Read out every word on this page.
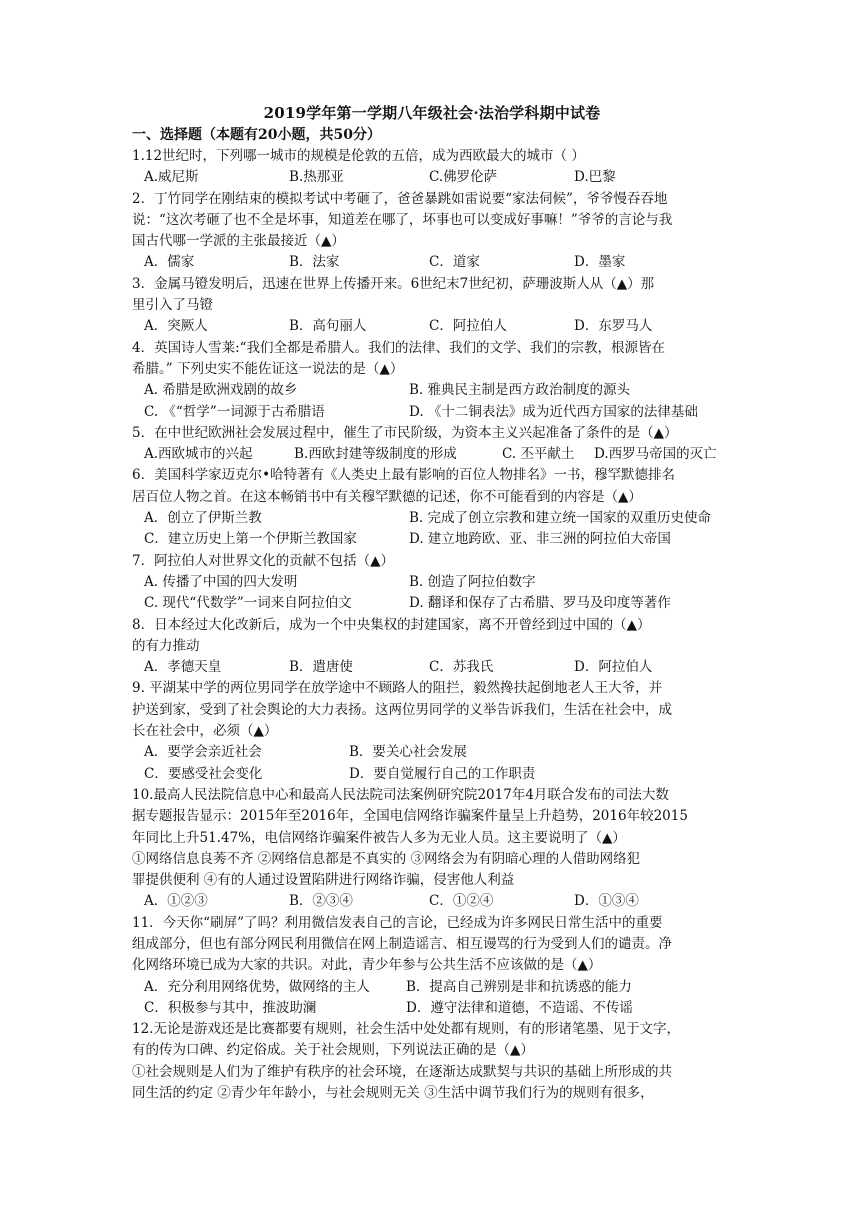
2019学年第一学期八年级社会·法治学科期中试卷

一、选择题（本题有20小题，共50分）

1.12世纪时，下列哪一城市的规模是伦敦的五倍，成为西欧最大的城市（ ）

A.威尼斯	B.热那亚	C.佛罗伦萨	D.巴黎

2．丁竹同学在刚结束的模拟考试中考砸了，爸爸暴跳如雷说要“家法伺候”，爷爷慢吞吞地

说：“这次考砸了也不全是坏事，知道差在哪了，坏事也可以变成好事嘛！”爷爷的言论与我

国古代哪一学派的主张最接近（▲）

A．儒家	B．法家	C．道家	D．墨家

3．金属马镫发明后，迅速在世界上传播开来。6世纪末7世纪初，萨珊波斯人从（▲）那

里引入了马镫

A．突厥人	B．高句丽人	C．阿拉伯人	D．东罗马人

4．英国诗人雪莱:“我们全都是希腊人。我们的法律、我们的文学、我们的宗教，根源皆在

希腊。” 下列史实不能佐证这一说法的是（▲）

A. 希腊是欧洲戏剧的故乡	B. 雅典民主制是西方政治制度的源头
C. 《“哲学”一词源于古希腊语	D. 《十二铜表法》成为近代西方国家的法律基础

5．在中世纪欧洲社会发展过程中，催生了市民阶级，为资本主义兴起准备了条件的是（▲）

A.西欧城市的兴起	B.西欧封建等级制度的形成	C. 丕平献土	D.西罗马帝国的灭亡

6．美国科学家迈克尔•哈特著有《人类史上最有影响的百位人物排名》一书，穆罕默德排名

居百位人物之首。在这本畅销书中有关穆罕默德的记述，你不可能看到的内容是（▲）

A．创立了伊斯兰教	B. 完成了创立宗教和建立统一国家的双重历史使命
C．建立历史上第一个伊斯兰教国家	D. 建立地跨欧、亚、非三洲的阿拉伯大帝国

7．阿拉伯人对世界文化的贡献不包括（▲）

A. 传播了中国的四大发明	B. 创造了阿拉伯数字
C. 现代“代数学”一词来自阿拉伯文	D. 翻译和保存了古希腊、罗马及印度等著作

8．日本经过大化改新后，成为一个中央集权的封建国家，离不开曾经到过中国的（▲）

的有力推动

A．孝德天皇	B．遣唐使	C．苏我氏	D．阿拉伯人

9. 平湖某中学的两位男同学在放学途中不顾路人的阻拦，毅然搀扶起倒地老人王大爷，并

护送到家，受到了社会舆论的大力表扬。这两位男同学的义举告诉我们，生活在社会中，成

长在社会中，必须（▲）

A．要学会亲近社会	B．要关心社会发展
C．要感受社会变化	D．要自觉履行自己的工作职责

10.最高人民法院信息中心和最高人民法院司法案例研究院2017年4月联合发布的司法大数

据专题报告显示：2015年至2016年，全国电信网络诈骗案件量呈上升趋势，2016年较2015

年同比上升51.47%，电信网络诈骗案件被告人多为无业人员。这主要说明了（▲）

①网络信息良莠不齐 ②网络信息都是不真实的 ③网络会为有阴暗心理的人借助网络犯

罪提供便利 ④有的人通过设置陷阱进行网络诈骗，侵害他人利益

A．①②③	B．②③④	C．①②④	D．①③④

11．今天你“刷屏”了吗？利用微信发表自己的言论，已经成为许多网民日常生活中的重要

组成部分，但也有部分网民利用微信在网上制造谣言、相互谩骂的行为受到人们的谴责。净

化网络环境已成为大家的共识。对此，青少年参与公共生活不应该做的是（▲）

A．充分利用网络优势，做网络的主人	B．提高自己辨别是非和抗诱惑的能力
C．积极参与其中，推波助澜	D．遵守法律和道德，不造谣、不传谣

12.无论是游戏还是比赛都要有规则，社会生活中处处都有规则，有的形诸笔墨、见于文字，

有的传为口碑、约定俗成。关于社会规则，下列说法正确的是（▲）

①社会规则是人们为了维护有秩序的社会环境，在逐渐达成默契与共识的基础上所形成的共

同生活的约定 ②青少年年龄小，与社会规则无关 ③生活中调节我们行为的规则有很多，
